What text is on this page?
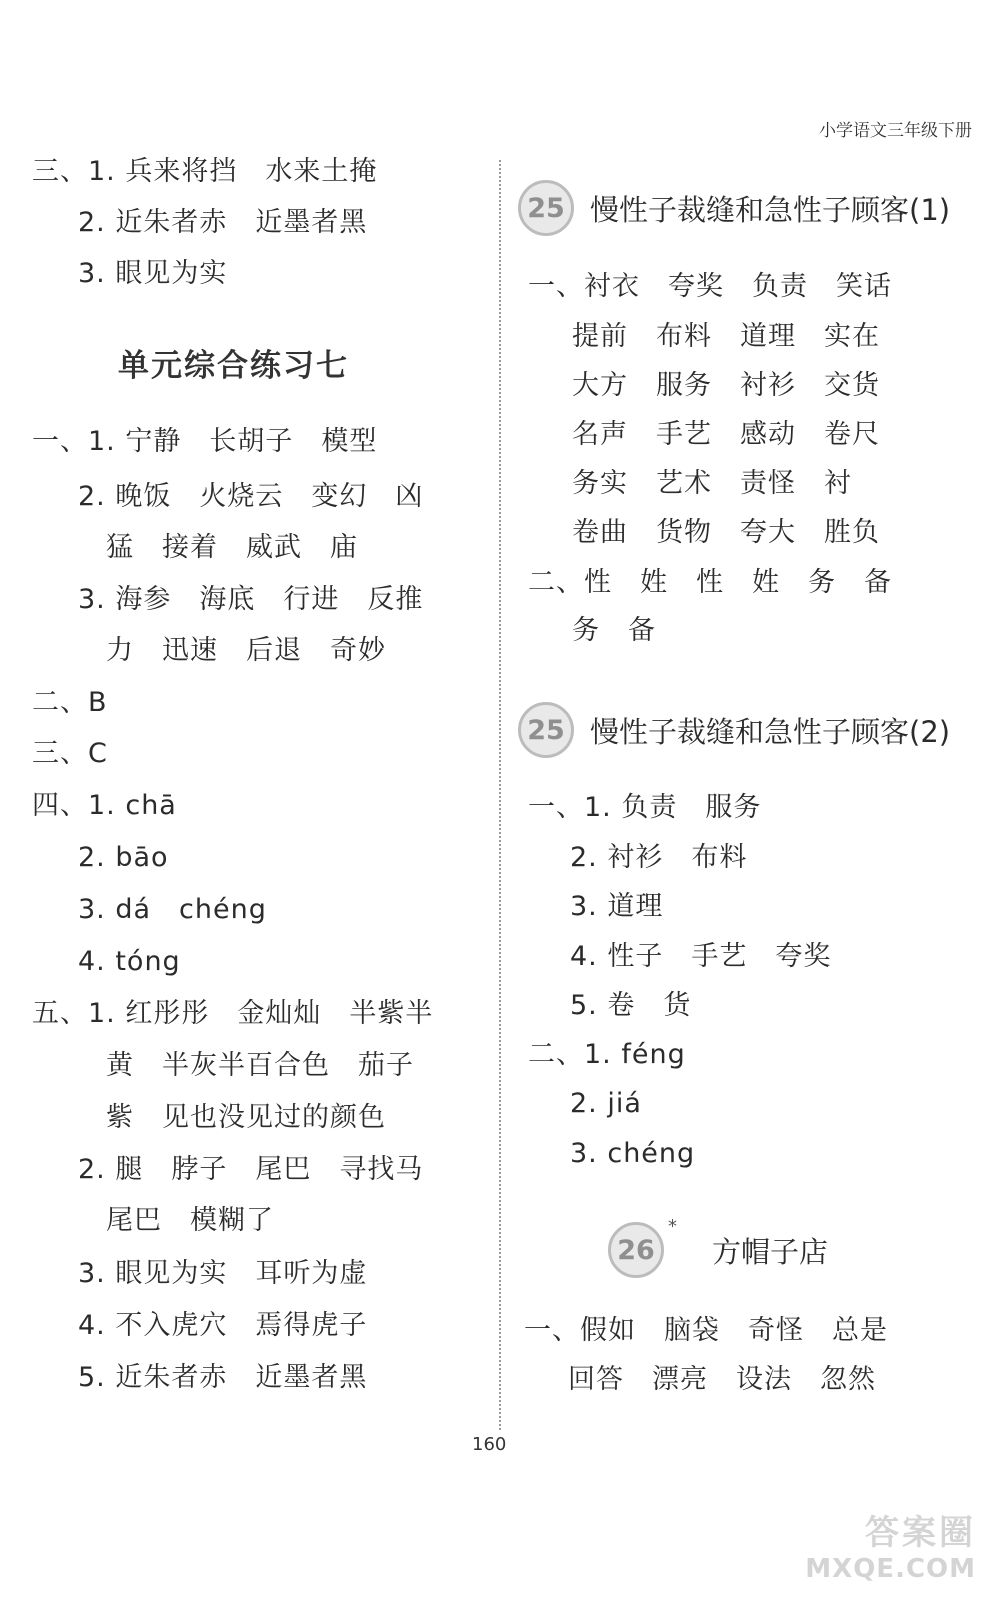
小学语文三年级下册
三、1. 兵来将挡　水来土掩
2. 近朱者赤　近墨者黑
3. 眼见为实
单元综合练习七
一、1. 宁静　长胡子　模型
2. 晚饭　火烧云　变幻　凶
猛　接着　威武　庙
3. 海参　海底　行进　反推
力　迅速　后退　奇妙
二、B
三、C
四、1. chā
2. bāo
3. dá　chéng
4. tóng
五、1. 红彤彤　金灿灿　半紫半
黄　半灰半百合色　茄子
紫　见也没见过的颜色
2. 腿　脖子　尾巴　寻找马
尾巴　模糊了
3. 眼见为实　耳听为虚
4. 不入虎穴　焉得虎子
5. 近朱者赤　近墨者黑
25 慢性子裁缝和急性子顾客(1)
一、衬衣　夸奖　负责　笑话
提前　布料　道理　实在
大方　服务　衬衫　交货
名声　手艺　感动　卷尺
务实　艺术　责怪　衬
卷曲　货物　夸大　胜负
二、性　姓　性　姓　务　备
务　备
25 慢性子裁缝和急性子顾客(2)
一、1. 负责　服务
2. 衬衫　布料
3. 道理
4. 性子　手艺　夸奖
5. 卷　货
二、1. féng
2. jiá
3. chéng
26
*
方帽子店
一、假如　脑袋　奇怪　总是
回答　漂亮　设法　忽然
160
答案圈
MXQE.COM
